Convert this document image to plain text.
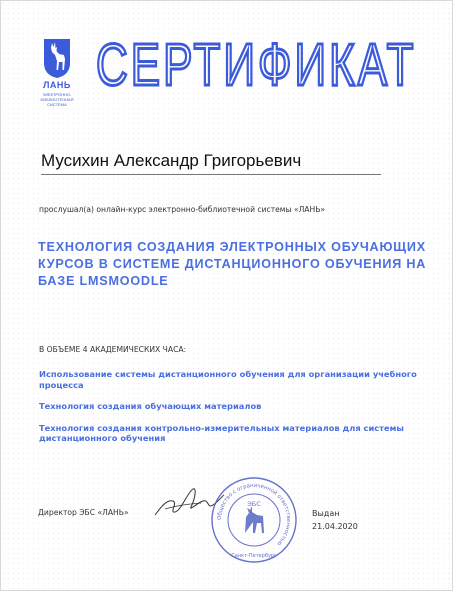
ЛАНЬ
ЭЛЕКТРОННО-БИБЛИОТЕЧНАЯ СИСТЕМА
СЕРТИФИКАТ
Мусихин Александр Григорьевич
прослушал(а) онлайн-курс электронно-библиотечной системы «ЛАНЬ»
ТЕХНОЛОГИЯ СОЗДАНИЯ ЭЛЕКТРОННЫХ ОБУЧАЮЩИХ КУРСОВ В СИСТЕМЕ ДИСТАНЦИОННОГО ОБУЧЕНИЯ НА БАЗЕ LMSMOODLE
В ОБЪЕМЕ 4 АКАДЕМИЧЕСКИХ ЧАСА:
Использование системы дистанционного обучения для организации учебного процесса
Технология создания обучающих материалов
Технология создания контрольно-измерительных материалов для системы дистанционного обучения
Директор ЭБС «ЛАНЬ»
Общество с ограниченной ответственностью
Санкт-Петербург
ЭБС
Выдан
21.04.2020
